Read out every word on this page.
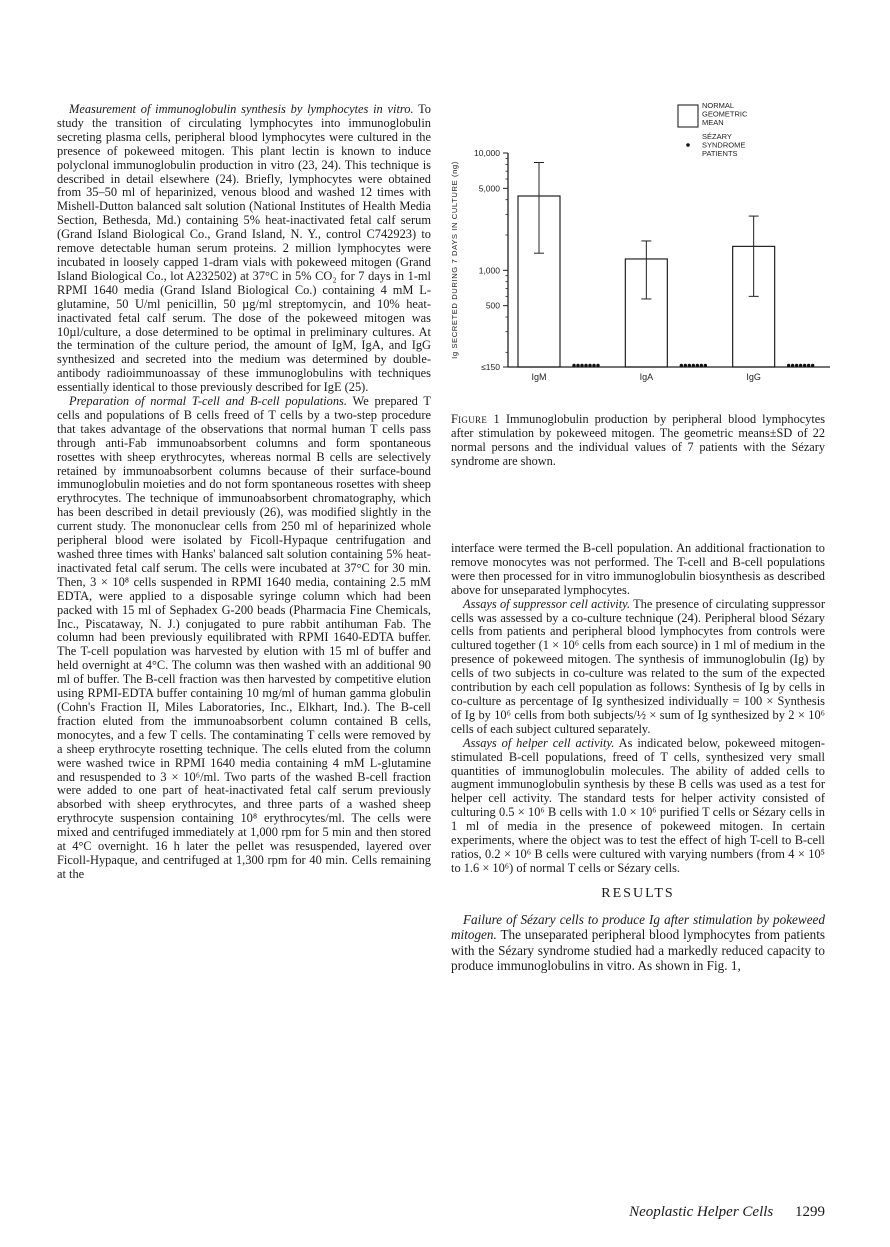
Measurement of immunoglobulin synthesis by lymphocytes in vitro. To study the transition of circulating lymphocytes into immunoglobulin secreting plasma cells, peripheral blood lymphocytes were cultured in the presence of pokeweed mitogen. This plant lectin is known to induce polyclonal immunoglobulin production in vitro (23, 24). This technique is described in detail elsewhere (24). Briefly, lymphocytes were obtained from 35–50 ml of heparinized, venous blood and washed 12 times with Mishell-Dutton balanced salt solution (National Institutes of Health Media Section, Bethesda, Md.) containing 5% heat-inactivated fetal calf serum (Grand Island Biological Co., Grand Island, N. Y., control C742923) to remove detectable human serum proteins. 2 million lymphocytes were incubated in loosely capped 1-dram vials with pokeweed mitogen (Grand Island Biological Co., lot A232502) at 37°C in 5% CO₂ for 7 days in 1-ml RPMI 1640 media (Grand Island Biological Co.) containing 4 mM L-glutamine, 50 U/ml penicillin, 50 µg/ml streptomycin, and 10% heat-inactivated fetal calf serum. The dose of the pokeweed mitogen was 10µl/culture, a dose determined to be optimal in preliminary cultures. At the termination of the culture period, the amount of IgM, IgA, and IgG synthesized and secreted into the medium was determined by double-antibody radioimmunoassay of these immunoglobulins with techniques essentially identical to those previously described for IgE (25).

Preparation of normal T-cell and B-cell populations. We prepared T cells and populations of B cells freed of T cells by a two-step procedure that takes advantage of the observations that normal human T cells pass through anti-Fab immunoabsorbent columns and form spontaneous rosettes with sheep erythrocytes, whereas normal B cells are selectively retained by immunoabsorbent columns because of their surface-bound immunoglobulin moieties and do not form spontaneous rosettes with sheep erythrocytes. The technique of immunoabsorbent chromatography, which has been described in detail previously (26), was modified slightly in the current study. The mononuclear cells from 250 ml of heparinized whole peripheral blood were isolated by Ficoll-Hypaque centrifugation and washed three times with Hanks' balanced salt solution containing 5% heat-inactivated fetal calf serum. The cells were incubated at 37°C for 30 min. Then, 3 × 10⁸ cells suspended in RPMI 1640 media, containing 2.5 mM EDTA, were applied to a disposable syringe column which had been packed with 15 ml of Sephadex G-200 beads (Pharmacia Fine Chemicals, Inc., Piscataway, N. J.) conjugated to pure rabbit antihuman Fab. The column had been previously equilibrated with RPMI 1640-EDTA buffer. The T-cell population was harvested by elution with 15 ml of buffer and held overnight at 4°C. The column was then washed with an additional 90 ml of buffer. The B-cell fraction was then harvested by competitive elution using RPMI-EDTA buffer containing 10 mg/ml of human gamma globulin (Cohn's Fraction II, Miles Laboratories, Inc., Elkhart, Ind.). The B-cell fraction eluted from the immunoabsorbent column contained B cells, monocytes, and a few T cells. The contaminating T cells were removed by a sheep erythrocyte rosetting technique. The cells eluted from the column were washed twice in RPMI 1640 media containing 4 mM L-glutamine and resuspended to 3 × 10⁶/ml. Two parts of the washed B-cell fraction were added to one part of heat-inactivated fetal calf serum previously absorbed with sheep erythrocytes, and three parts of a washed sheep erythrocyte suspension containing 10⁸ erythrocytes/ml. The cells were mixed and centrifuged immediately at 1,000 rpm for 5 min and then stored at 4°C overnight. 16 h later the pellet was resuspended, layered over Ficoll-Hypaque, and centrifuged at 1,300 rpm for 40 min. Cells remaining at the

≤150
500
1,000
5,000
10,000
Ig SECRETED DURING 7 DAYS IN CULTURE (ng)
IgM	IgA	IgG
NORMAL GEOMETRIC MEAN
SÉZARY SYNDROME PATIENTS
Figure 1 Immunoglobulin production by peripheral blood lymphocytes after stimulation by pokeweed mitogen. The geometric means±SD of 22 normal persons and the individual values of 7 patients with the Sézary syndrome are shown.

interface were termed the B-cell population. An additional fractionation to remove monocytes was not performed. The T-cell and B-cell populations were then processed for in vitro immunoglobulin biosynthesis as described above for unseparated lymphocytes.

Assays of suppressor cell activity. The presence of circulating suppressor cells was assessed by a co-culture technique (24). Peripheral blood Sézary cells from patients and peripheral blood lymphocytes from controls were cultured together (1 × 10⁶ cells from each source) in 1 ml of medium in the presence of pokeweed mitogen. The synthesis of immunoglobulin (Ig) by cells of two subjects in co-culture was related to the sum of the expected contribution by each cell population as follows: Synthesis of Ig by cells in co-culture as percentage of Ig synthesized individually = 100 × Synthesis of Ig by 10⁶ cells from both subjects/½ × sum of Ig synthesized by 2 × 10⁶ cells of each subject cultured separately.

Assays of helper cell activity. As indicated below, pokeweed mitogen-stimulated B-cell populations, freed of T cells, synthesized very small quantities of immunoglobulin molecules. The ability of added cells to augment immunoglobulin synthesis by these B cells was used as a test for helper cell activity. The standard tests for helper activity consisted of culturing 0.5 × 10⁶ B cells with 1.0 × 10⁶ purified T cells or Sézary cells in 1 ml of media in the presence of pokeweed mitogen. In certain experiments, where the object was to test the effect of high T-cell to B-cell ratios, 0.2 × 10⁶ B cells were cultured with varying numbers (from 4 × 10⁵ to 1.6 × 10⁶) of normal T cells or Sézary cells.

RESULTS

Failure of Sézary cells to produce Ig after stimulation by pokeweed mitogen. The unseparated peripheral blood lymphocytes from patients with the Sézary syndrome studied had a markedly reduced capacity to produce immunoglobulins in vitro. As shown in Fig. 1,

Neoplastic Helper Cells 1299
